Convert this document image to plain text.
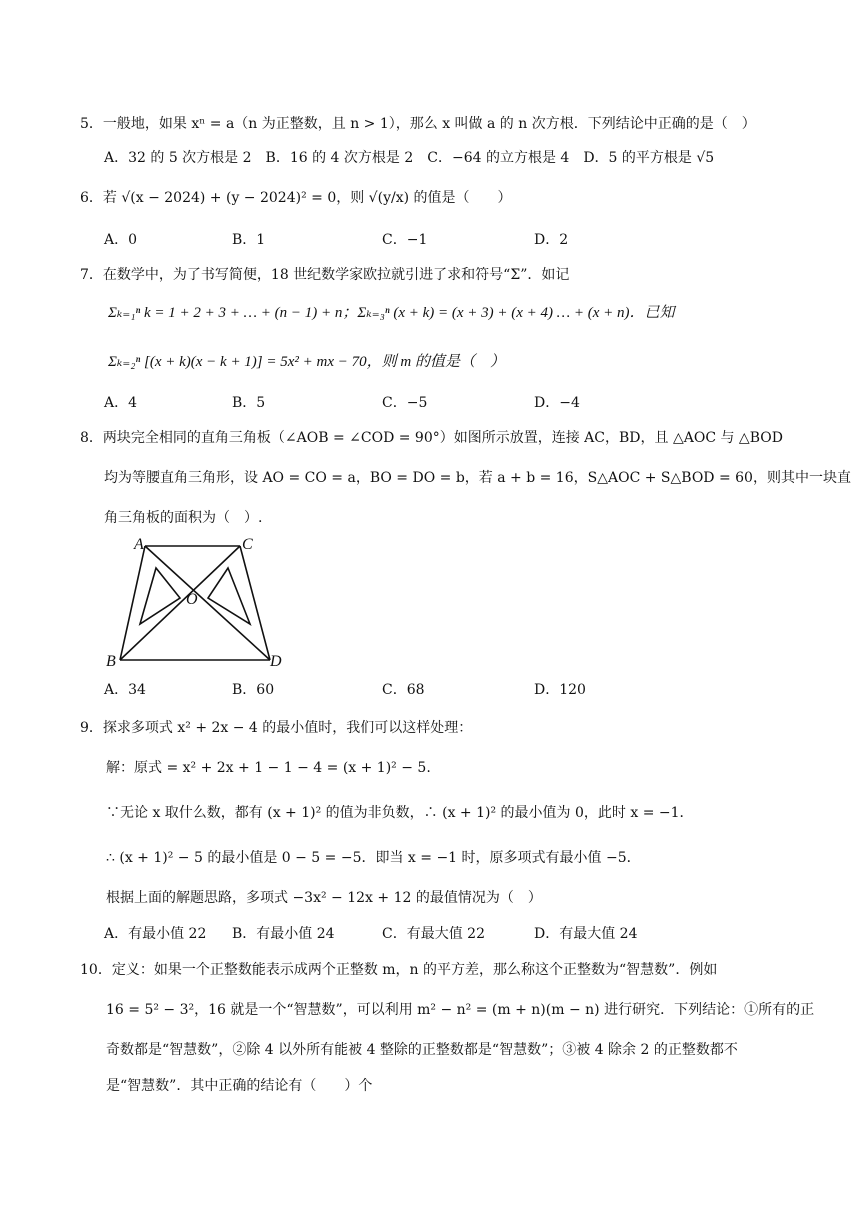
5．一般地，如果 xⁿ = a（n 为正整数，且 n > 1），那么 x 叫做 a 的 n 次方根．下列结论中正确的是（　）
A．32 的 5 次方根是 2　B．16 的 4 次方根是 2　C．−64 的立方根是 4　D．5 的平方根是 √5
6．若 √(x − 2024) + (y − 2024)² = 0，则 √(y/x) 的值是（　　）
A．0	B．1	C．−1	D．2
7．在数学中，为了书写简便，18 世纪数学家欧拉就引进了求和符号“Σ”．如记
Σₖ₌₁ⁿ k = 1 + 2 + 3 + … + (n − 1) + n；Σₖ₌₃ⁿ (x + k) = (x + 3) + (x + 4) … + (x + n)．已知
Σₖ₌₂ⁿ [(x + k)(x − k + 1)] = 5x² + mx − 70，则 m 的值是（　）
A．4	B．5	C．−5	D．−4
8．两块完全相同的直角三角板（∠AOB = ∠COD = 90°）如图所示放置，连接 AC，BD，且 △AOC 与 △BOD
均为等腰直角三角形，设 AO = CO = a，BO = DO = b，若 a + b = 16，S△AOC + S△BOD = 60，则其中一块直
角三角板的面积为（　）.
A	C
O
B	D
A．34	B．60	C．68	D．120
9．探求多项式 x² + 2x − 4 的最小值时，我们可以这样处理：
解：原式 = x² + 2x + 1 − 1 − 4 = (x + 1)² − 5.
∵无论 x 取什么数，都有 (x + 1)² 的值为非负数，∴ (x + 1)² 的最小值为 0，此时 x = −1．
∴ (x + 1)² − 5 的最小值是 0 − 5 = −5．即当 x = −1 时，原多项式有最小值 −5．
根据上面的解题思路，多项式 −3x² − 12x + 12 的最值情况为（　）
A．有最小值 22 B．有最小值 24	C．有最大值 22	D．有最大值 24
10．定义：如果一个正整数能表示成两个正整数 m，n 的平方差，那么称这个正整数为“智慧数”．例如
16 = 5² − 3²，16 就是一个“智慧数”，可以利用 m² − n² = (m + n)(m − n) 进行研究．下列结论：①所有的正
奇数都是“智慧数”，②除 4 以外所有能被 4 整除的正整数都是“智慧数”；③被 4 除余 2 的正整数都不
是“智慧数”．其中正确的结论有（　　）个
